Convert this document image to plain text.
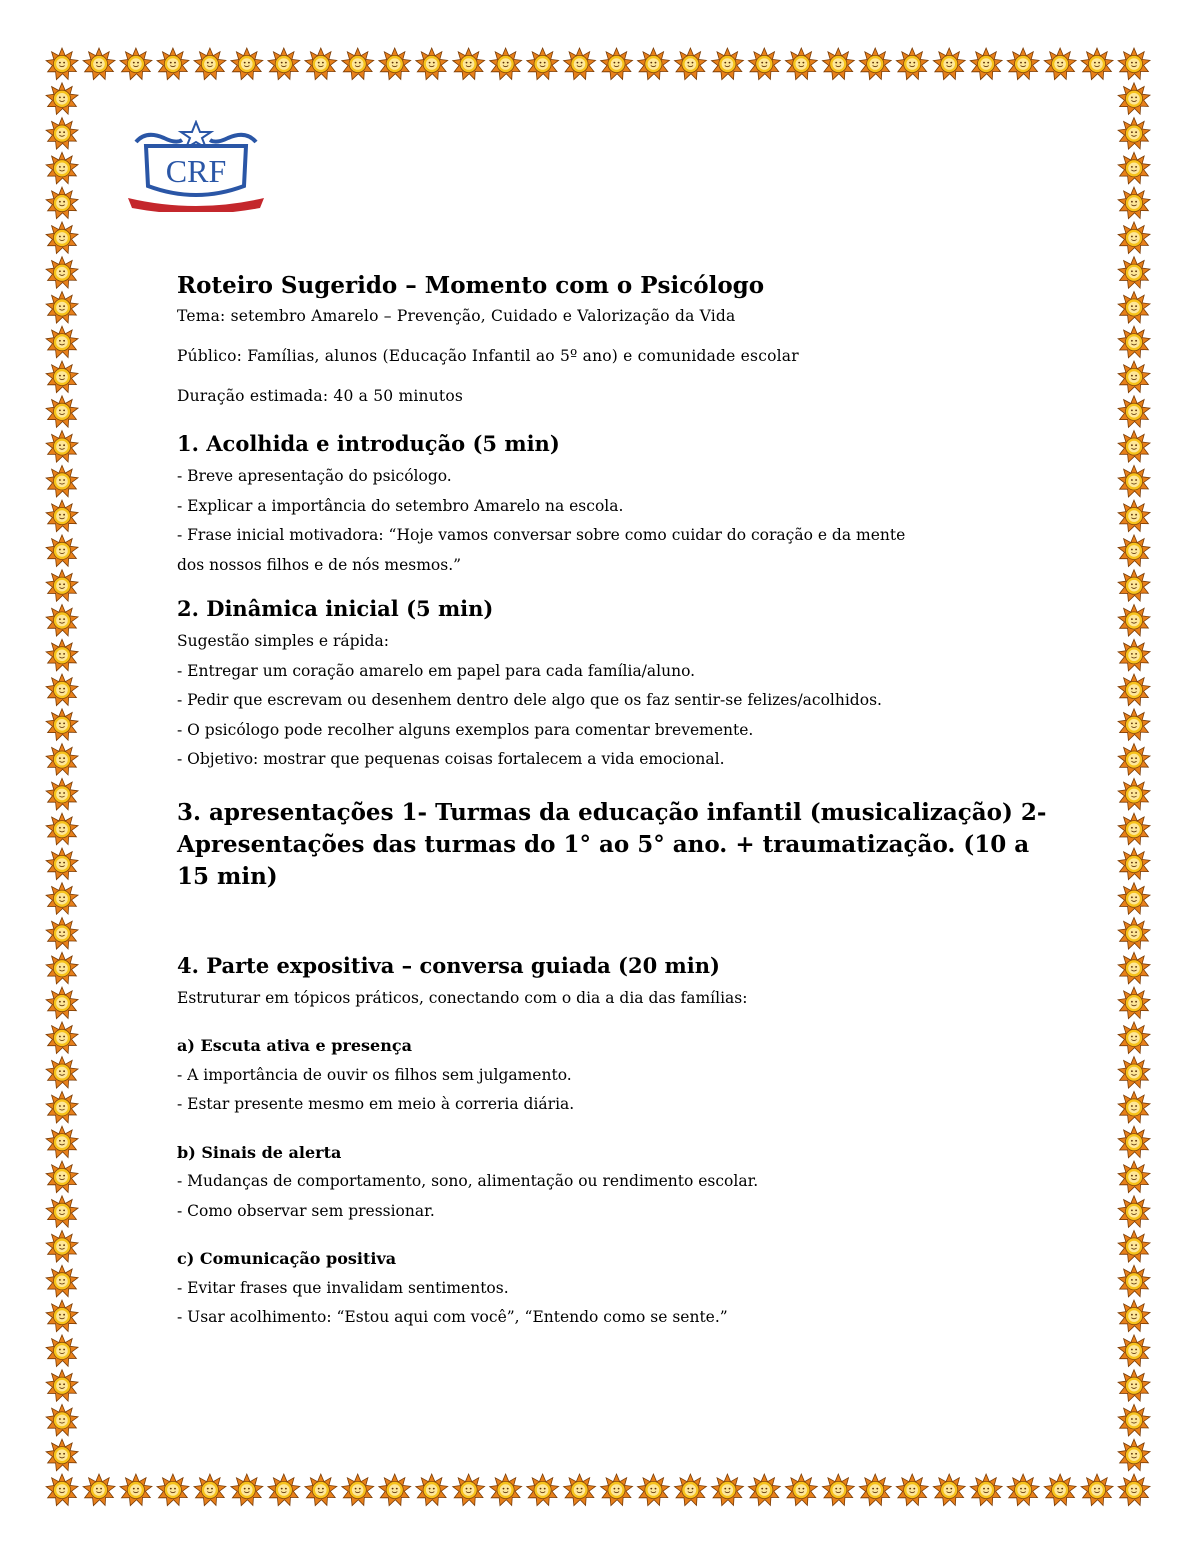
CRF
Roteiro Sugerido – Momento com o Psicólogo

Tema: setembro Amarelo – Prevenção, Cuidado e Valorização da Vida

Público: Famílias, alunos (Educação Infantil ao 5º ano) e comunidade escolar

Duração estimada: 40 a 50 minutos

1. Acolhida e introdução (5 min)

- Breve apresentação do psicólogo.

- Explicar a importância do setembro Amarelo na escola.

- Frase inicial motivadora: “Hoje vamos conversar sobre como cuidar do coração e da mente

dos nossos filhos e de nós mesmos.”

2. Dinâmica inicial (5 min)

Sugestão simples e rápida:

- Entregar um coração amarelo em papel para cada família/aluno.

- Pedir que escrevam ou desenhem dentro dele algo que os faz sentir-se felizes/acolhidos.

- O psicólogo pode recolher alguns exemplos para comentar brevemente.

- Objetivo: mostrar que pequenas coisas fortalecem a vida emocional.

3. apresentações 1- Turmas da educação infantil (musicalização) 2- Apresentações das turmas do 1° ao 5° ano. + traumatização. (10 a 15 min)
4. Parte expositiva – conversa guiada (20 min)

Estruturar em tópicos práticos, conectando com o dia a dia das famílias:

a) Escuta ativa e presença

- A importância de ouvir os filhos sem julgamento.

- Estar presente mesmo em meio à correria diária.

b) Sinais de alerta

- Mudanças de comportamento, sono, alimentação ou rendimento escolar.

- Como observar sem pressionar.

c) Comunicação positiva

- Evitar frases que invalidam sentimentos.

- Usar acolhimento: “Estou aqui com você”, “Entendo como se sente.”
